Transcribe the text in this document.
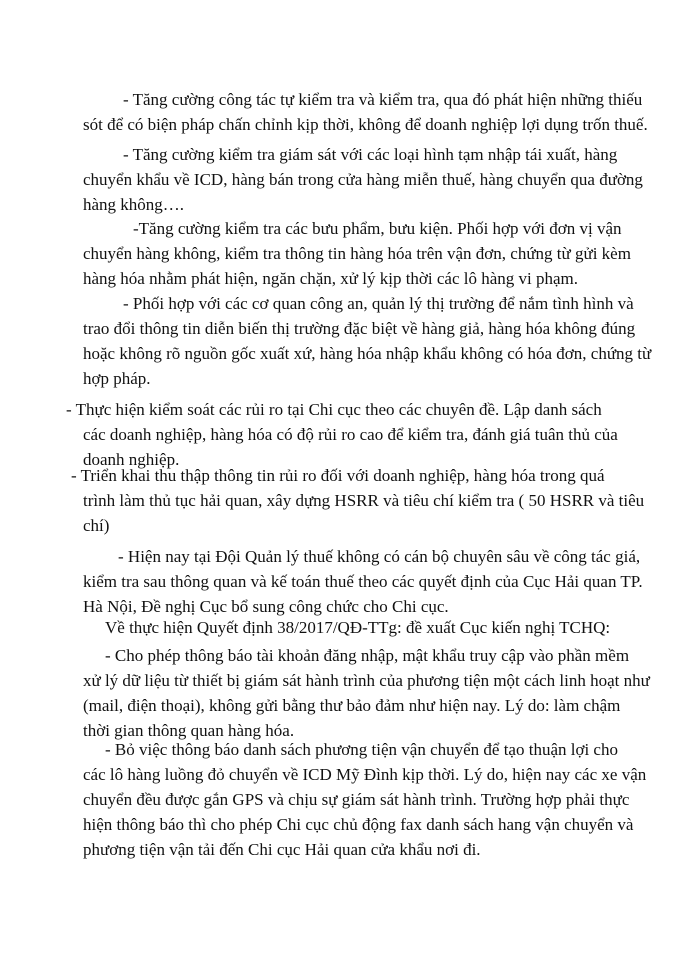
- Tăng cường công tác tự kiểm tra và kiểm tra, qua đó phát hiện những thiếu
sót để có biện pháp chấn chỉnh kịp thời, không để doanh nghiệp lợi dụng trốn thuế.
- Tăng cường kiểm tra giám sát với các loại hình tạm nhập tái xuất, hàng
chuyển khẩu về ICD, hàng bán trong cửa hàng miễn thuế, hàng chuyển qua đường
hàng không….
-Tăng cường kiểm tra các bưu phẩm, bưu kiện. Phối hợp với đơn vị vận
chuyển hàng không, kiểm tra thông tin hàng hóa trên vận đơn, chứng từ gửi kèm
hàng hóa nhằm phát hiện, ngăn chặn, xử lý kịp thời các lô hàng vi phạm.
- Phối hợp với các cơ quan công an, quản lý thị trường để nắm tình hình và
trao đổi thông tin diễn biến thị trường đặc biệt về hàng giả, hàng hóa không đúng
hoặc không rõ nguồn gốc xuất xứ, hàng hóa nhập khẩu không có hóa đơn, chứng từ
hợp pháp.
- Thực hiện kiểm soát các rủi ro tại Chi cục theo các chuyên đề. Lập danh sách
các doanh nghiệp, hàng hóa có độ rủi ro cao để kiểm tra, đánh giá tuân thủ của
doanh nghiệp.
- Triển khai thu thập thông tin rủi ro đối với doanh nghiệp, hàng hóa trong quá
trình làm thủ tục hải quan, xây dựng HSRR và tiêu chí kiểm tra ( 50 HSRR và tiêu
chí)
- Hiện nay tại Đội Quản lý thuế không có cán bộ chuyên sâu về công tác giá,
kiểm tra sau thông quan và kế toán thuế theo các quyết định của Cục Hải quan TP.
Hà Nội, Đề nghị Cục bổ sung công chức cho Chi cục.
Về thực hiện Quyết định 38/2017/QĐ-TTg: đề xuất Cục kiến nghị TCHQ:
- Cho phép thông báo tài khoản đăng nhập, mật khẩu truy cập vào phần mềm
xử lý dữ liệu từ thiết bị giám sát hành trình của phương tiện một cách linh hoạt như
(mail, điện thoại), không gửi bằng thư bảo đảm như hiện nay. Lý do: làm chậm
thời gian thông quan hàng hóa.
- Bỏ việc thông báo danh sách phương tiện vận chuyển để tạo thuận lợi cho
các lô hàng luồng đỏ chuyển về ICD Mỹ Đình kịp thời. Lý do, hiện nay các xe vận
chuyển đều được gắn GPS và chịu sự giám sát hành trình. Trường hợp phải thực
hiện thông báo thì cho phép Chi cục chủ động fax danh sách hang vận chuyển và
phương tiện vận tải đến Chi cục Hải quan cửa khẩu nơi đi.
